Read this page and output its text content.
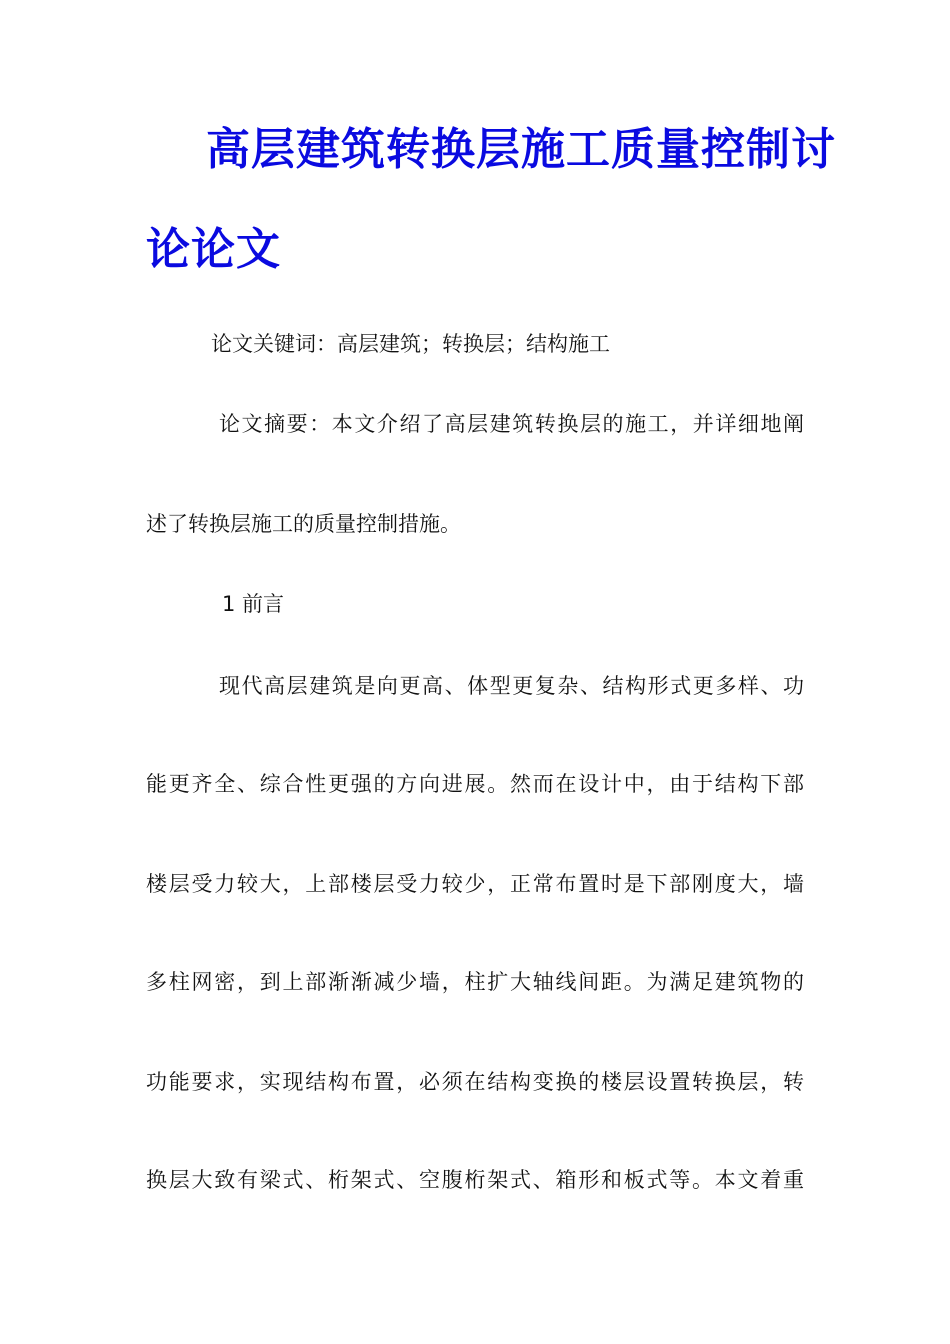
高层建筑转换层施工质量控制讨
论论文

论文关键词：高层建筑；转换层；结构施工

论文摘要：本文介绍了高层建筑转换层的施工，并详细地阐

述了转换层施工的质量控制措施。

1 前言

现代高层建筑是向更高、体型更复杂、结构形式更多样、功

能更齐全、综合性更强的方向进展。然而在设计中，由于结构下部

楼层受力较大，上部楼层受力较少，正常布置时是下部刚度大，墙

多柱网密，到上部渐渐减少墙，柱扩大轴线间距。为满足建筑物的

功能要求，实现结构布置，必须在结构变换的楼层设置转换层，转

换层大致有梁式、桁架式、空腹桁架式、箱形和板式等。本文着重
